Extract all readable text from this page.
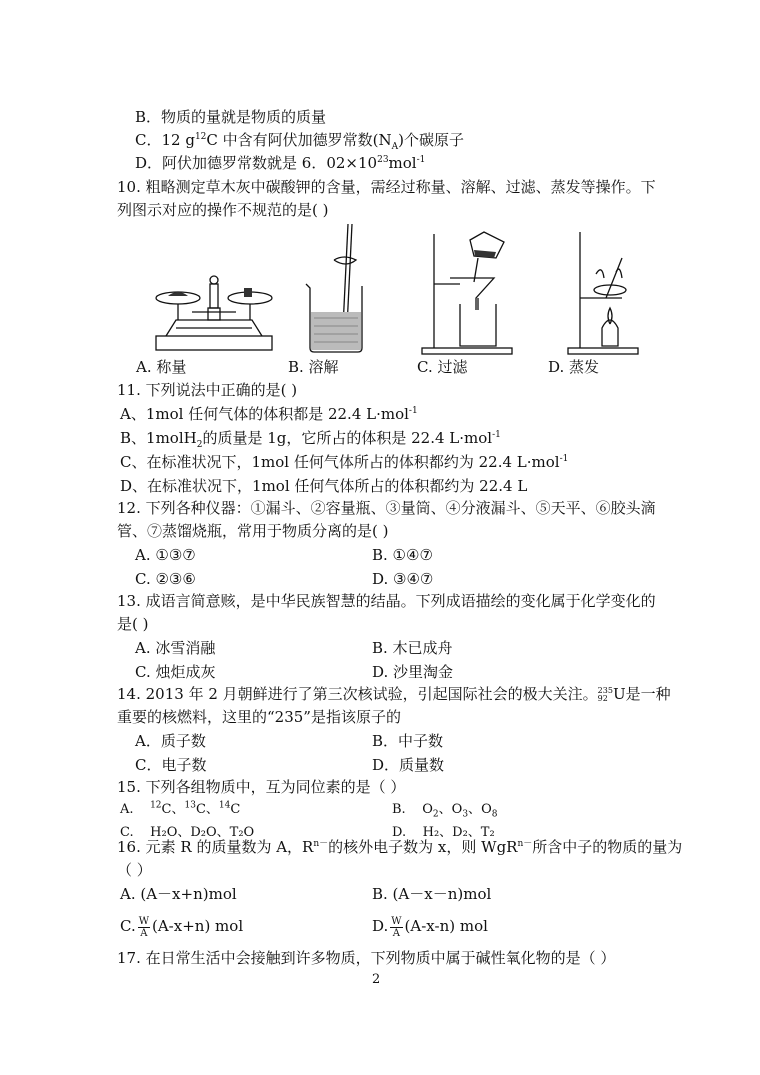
B．物质的量就是物质的质量
C．12 $g^{12}C$ 中含有阿伏加德罗常数$(N_A)$个碳原子
D．阿伏加德罗常数就是 6．$02\times 10^{23}mol^{-1}$
10. 粗略测定草木灰中碳酸钾的含量，需经过称量、溶解、过滤、蒸发等操作。下
列图示对应的操作不规范的是( )
A. 称量	B. 溶解	C. 过滤	D. 蒸发
11. 下列说法中正确的是( )
A、1mol 任何气体的体积都是 22.4 L·mol$^{-1}$
B、1molH$_2$的质量是 1g，它所占的体积是 22.4 L·mol$^{-1}$
C、在标准状况下，1mol 任何气体所占的体积都约为 22.4 L·mol$^{-1}$
D、在标准状况下，1mol 任何气体所占的体积都约为 22.4 L
12. 下列各种仪器：①漏斗、②容量瓶、③量筒、④分液漏斗、⑤天平、⑥胶头滴
管、⑦蒸馏烧瓶，常用于物质分离的是( )
A. ①③⑦	B. ①④⑦
C. ②③⑥	D. ③④⑦
13. 成语言简意赅，是中华民族智慧的结晶。下列成语描绘的变化属于化学变化的
是( )
A. 冰雪消融	B. 木已成舟
C. 烛炬成灰	D. 沙里淘金
14. 2013 年 2 月朝鲜进行了第三次核试验，引起国际社会的极大关注。 235
92 U是一种
重要的核燃料，这里的“235”是指该原子的
A．质子数	B．中子数
C．电子数	D．质量数
15. 下列各组物质中，互为同位素的是（ ）
A. $^{12}$C、$^{13}$C、$^{14}$C	B. $O_2$、$O_3$、$O_8$
C. H₂O、D₂O、T₂O	D. H₂、D₂、T₂
16. 元素 R 的质量数为 A，$R^{n-}$的核外电子数为 x，则 WgR$^{n-}$所含中子的物质的量为
（ ）
A. (A－x+n)mol	B. (A－x－n)mol
C. $\frac{W}{A} (A-x+n)$ mol	D. $\frac{W}{A} (A-x-n)$ mol
17. 在日常生活中会接触到许多物质，下列物质中属于碱性氧化物的是（ ）
2
